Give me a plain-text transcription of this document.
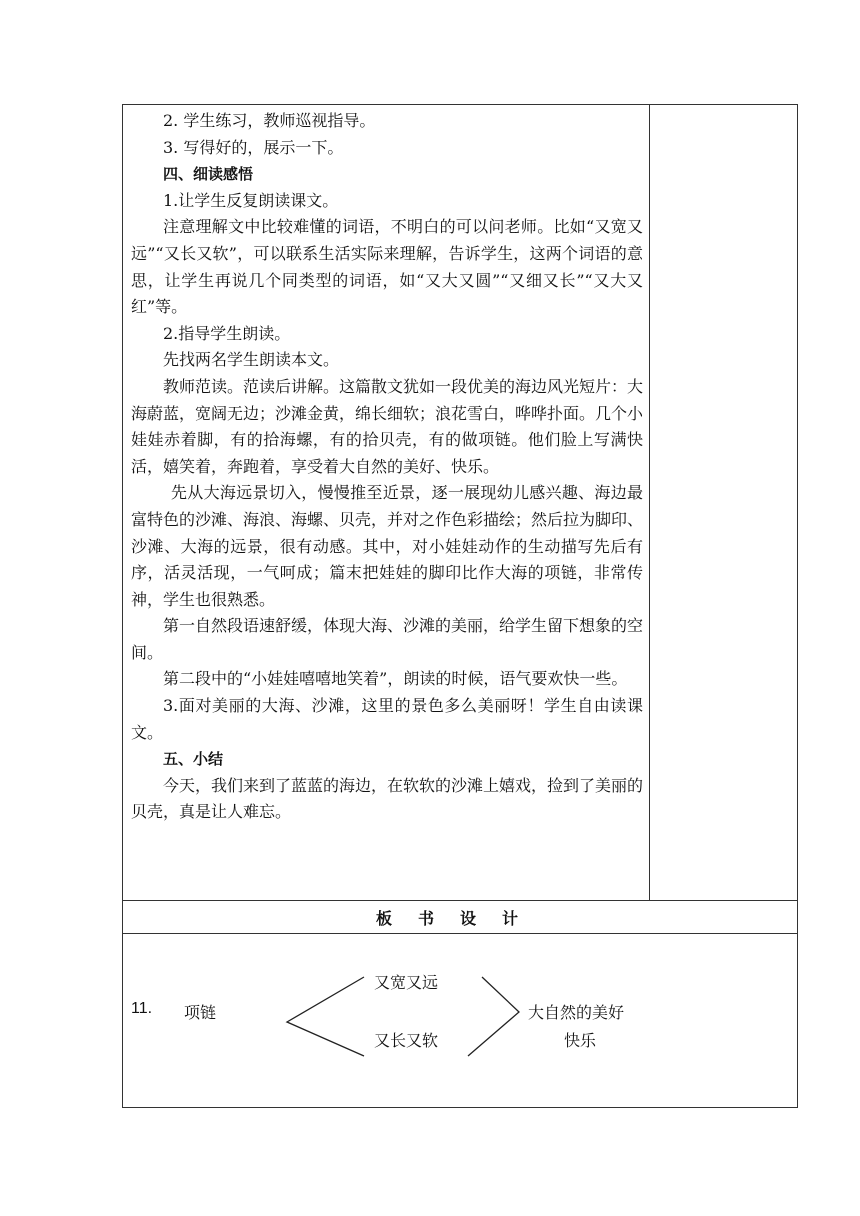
2. 学生练习，教师巡视指导。

3. 写得好的，展示一下。

四、细读感悟

1.让学生反复朗读课文。

注意理解文中比较难懂的词语，不明白的可以问老师。比如“又宽又远”“又长又软”，可以联系生活实际来理解，告诉学生，这两个词语的意思，让学生再说几个同类型的词语，如“又大又圆”“又细又长”“又大又红”等。

2.指导学生朗读。

先找两名学生朗读本文。

教师范读。范读后讲解。这篇散文犹如一段优美的海边风光短片：大海蔚蓝，宽阔无边；沙滩金黄，绵长细软；浪花雪白，哗哗扑面。几个小娃娃赤着脚，有的拾海螺，有的拾贝壳，有的做项链。他们脸上写满快活，嬉笑着，奔跑着，享受着大自然的美好、快乐。

先从大海远景切入，慢慢推至近景，逐一展现幼儿感兴趣、海边最富特色的沙滩、海浪、海螺、贝壳，并对之作色彩描绘；然后拉为脚印、沙滩、大海的远景，很有动感。其中，对小娃娃动作的生动描写先后有序，活灵活现，一气呵成；篇末把娃娃的脚印比作大海的项链，非常传神，学生也很熟悉。

第一自然段语速舒缓，体现大海、沙滩的美丽，给学生留下想象的空间。

第二段中的“小娃娃嘻嘻地笑着”，朗读的时候，语气要欢快一些。

3.面对美丽的大海、沙滩，这里的景色多么美丽呀！学生自由读课文。

五、小结

今天，我们来到了蓝蓝的海边，在软软的沙滩上嬉戏，捡到了美丽的贝壳，真是让人难忘。

板书设计
11. 项链
又宽又远
又长又软
大自然的美好
快乐
